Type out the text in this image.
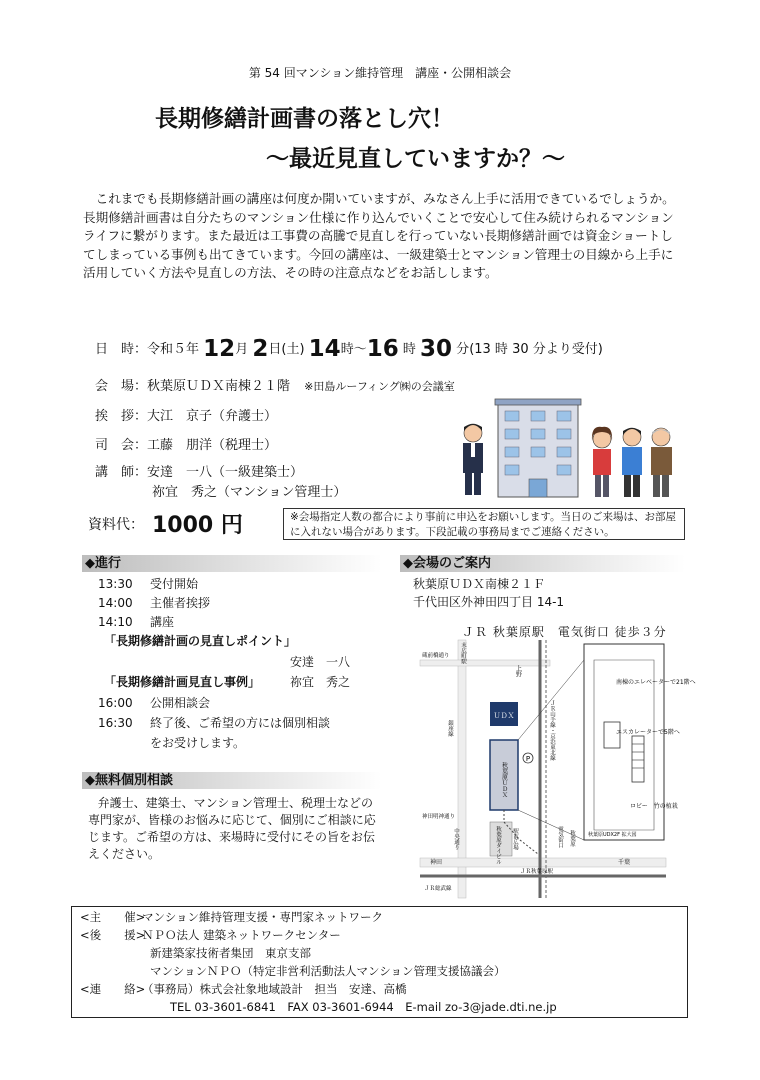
第 54 回マンション維持管理　講座・公開相談会
長期修繕計画書の落とし穴！
～最近見直していますか？～
これまでも長期修繕計画の講座は何度か開いていますが、みなさん上手に活用できているでしょうか。長期修繕計画書は自分たちのマンション仕様に作り込んでいくことで安心して住み続けられるマンションライフに繋がります。また最近は工事費の高騰で見直しを行っていない長期修繕計画では資金ショートしてしまっている事例も出てきています。今回の講座は、一級建築士とマンション管理士の目線から上手に活用していく方法や見直しの方法、その時の注意点などをお話しします。
日　時：令和５年 12月 2日(土) 14時～16 時 30 分(13 時 30 分より受付)
会　場：秋葉原ＵＤＸ南棟２１階 ※田島ルーフィング㈱の会議室
挨　拶：大江　京子（弁護士）
司　会：工藤　朋洋（税理士）
講　師：安達　一八（一級建築士）
祢宜　秀之（マンション管理士）
資料代： 1000 円	※会場指定人数の都合により事前に申込をお願いします。当日のご来場は、お部屋に入れない場合があります。下段記載の事務局までご連絡ください。
◆進行
13:30 受付開始
14:00 主催者挨拶
14:10 講座
「長期修繕計画の見直しポイント」
安達　一八
「長期修繕計画見直し事例」 祢宜　秀之
16:00 公開相談会
16:30 終了後、ご希望の方には個別相談
をお受けします。
◆無料個別相談
弁護士、建築士、マンション管理士、税理士などの専門家が、皆様のお悩みに応じて、個別にご相談に応じます。ご希望の方は、来場時に受付にその旨をお伝えください。
◆会場のご案内
秋葉原ＵＤＸ南棟２１Ｆ
千代田区外神田四丁目 14-1
ＪＲ 秋葉原駅　電気街口 徒歩３分
ＵＤＸ
秋葉原ＵＤＸ
P
秋葉原ダイビル
蔵前橋通り 末広町駅
銀座線
神田明神通り
中央通り
ＪＲ山手線・京浜東北線
駅前広場	電気街口
ＪＲ秋葉原駅
ＪＲ総武線
上野
神田
秋葉原
千葉
南棟のエレベーターで21階へ
エスカレーターで5階へ
ロビー　竹の植栽
秋葉原UDX2F 拡大図
<主　　催>マンション維持管理支援・専門家ネットワーク
<後　　援>ＮＰＯ法人 建築ネットワークセンター
新建築家技術者集団　東京支部
マンションＮＰＯ（特定非営利活動法人マンション管理支援協議会）
<連　　絡>（事務局）株式会社象地域設計　担当　安達、高橋
TEL 03-3601-6841　FAX 03-3601-6944　E-mail zo-3@jade.dti.ne.jp
